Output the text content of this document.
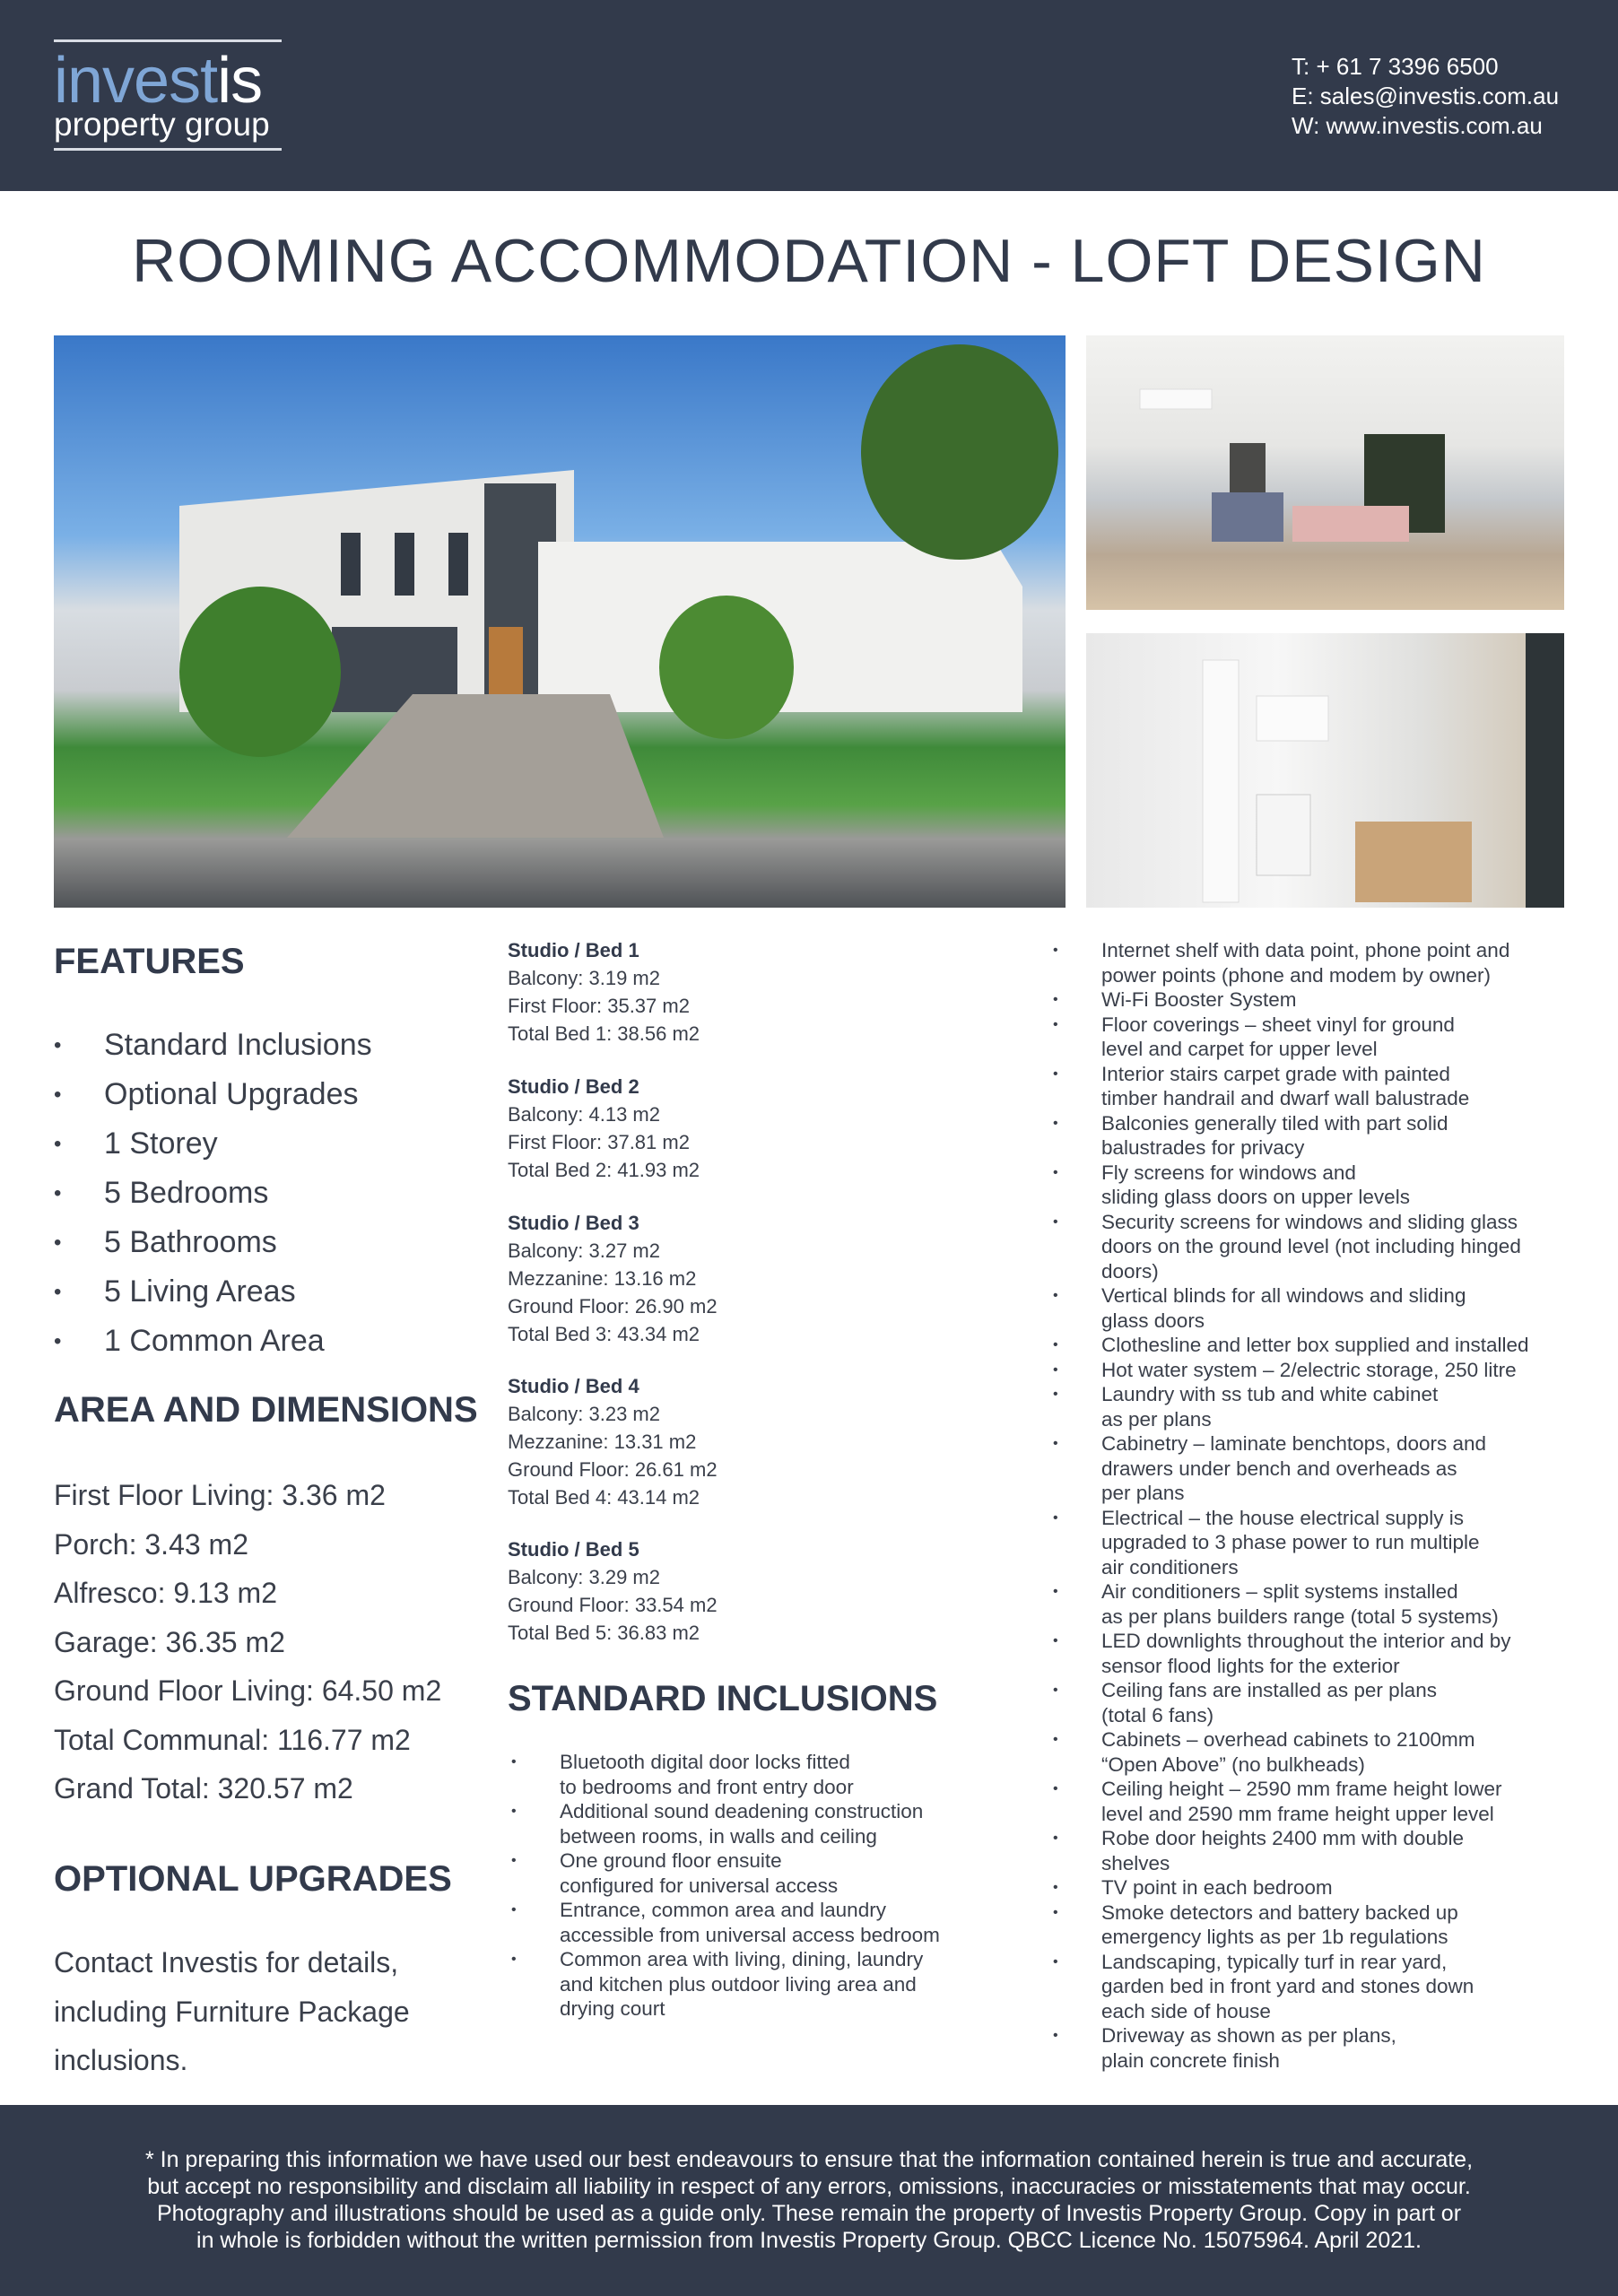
investis
property group
T: + 61 7 3396 6500
E: sales@investis.com.au
W: www.investis.com.au
ROOMING ACCOMMODATION - LOFT DESIGN
FEATURES
• Standard Inclusions
• Optional Upgrades
• 1 Storey
• 5 Bedrooms
• 5 Bathrooms
• 5 Living Areas
• 1 Common Area
AREA AND DIMENSIONS
First Floor Living: 3.36 m2
Porch: 3.43 m2
Alfresco: 9.13 m2
Garage: 36.35 m2
Ground Floor Living: 64.50 m2
Total Communal: 116.77 m2
Grand Total: 320.57 m2
OPTIONAL UPGRADES
Contact Investis for details,
including Furniture Package
inclusions.
Studio / Bed 1
Balcony: 3.19 m2
First Floor: 35.37 m2
Total Bed 1: 38.56 m2
Studio / Bed 2
Balcony: 4.13 m2
First Floor: 37.81 m2
Total Bed 2: 41.93 m2
Studio / Bed 3
Balcony: 3.27 m2
Mezzanine: 13.16 m2
Ground Floor: 26.90 m2
Total Bed 3: 43.34 m2
Studio / Bed 4
Balcony: 3.23 m2
Mezzanine: 13.31 m2
Ground Floor: 26.61 m2
Total Bed 4: 43.14 m2
Studio / Bed 5
Balcony: 3.29 m2
Ground Floor: 33.54 m2
Total Bed 5: 36.83 m2
STANDARD INCLUSIONS
• Bluetooth digital door locks fitted
to bedrooms and front entry door
• Additional sound deadening construction
between rooms, in walls and ceiling
• One ground floor ensuite
configured for universal access
• Entrance, common area and laundry
accessible from universal access bedroom
• Common area with living, dining, laundry
and kitchen plus outdoor living area and
drying court
• Internet shelf with data point, phone point and
power points (phone and modem by owner)
• Wi-Fi Booster System
• Floor coverings – sheet vinyl for ground
level and carpet for upper level
• Interior stairs carpet grade with painted
timber handrail and dwarf wall balustrade
• Balconies generally tiled with part solid
balustrades for privacy
• Fly screens for windows and
sliding glass doors on upper levels
• Security screens for windows and sliding glass
doors on the ground level (not including hinged
doors)
• Vertical blinds for all windows and sliding
glass doors
• Clothesline and letter box supplied and installed
• Hot water system – 2/electric storage, 250 litre
• Laundry with ss tub and white cabinet
as per plans
• Cabinetry – laminate benchtops, doors and
drawers under bench and overheads as
per plans
• Electrical – the house electrical supply is
upgraded to 3 phase power to run multiple
air conditioners
• Air conditioners – split systems installed
as per plans builders range (total 5 systems)
• LED downlights throughout the interior and by
sensor flood lights for the exterior
• Ceiling fans are installed as per plans
(total 6 fans)
• Cabinets – overhead cabinets to 2100mm
“Open Above” (no bulkheads)
• Ceiling height – 2590 mm frame height lower
level and 2590 mm frame height upper level
• Robe door heights 2400 mm with double
shelves
• TV point in each bedroom
• Smoke detectors and battery backed up
emergency lights as per 1b regulations
• Landscaping, typically turf in rear yard,
garden bed in front yard and stones down
each side of house
• Driveway as shown as per plans,
plain concrete finish
* In preparing this information we have used our best endeavours to ensure that the information contained herein is true and accurate,
but accept no responsibility and disclaim all liability in respect of any errors, omissions, inaccuracies or misstatements that may occur.
Photography and illustrations should be used as a guide only. These remain the property of Investis Property Group. Copy in part or
in whole is forbidden without the written permission from Investis Property Group. QBCC Licence No. 15075964. April 2021.
